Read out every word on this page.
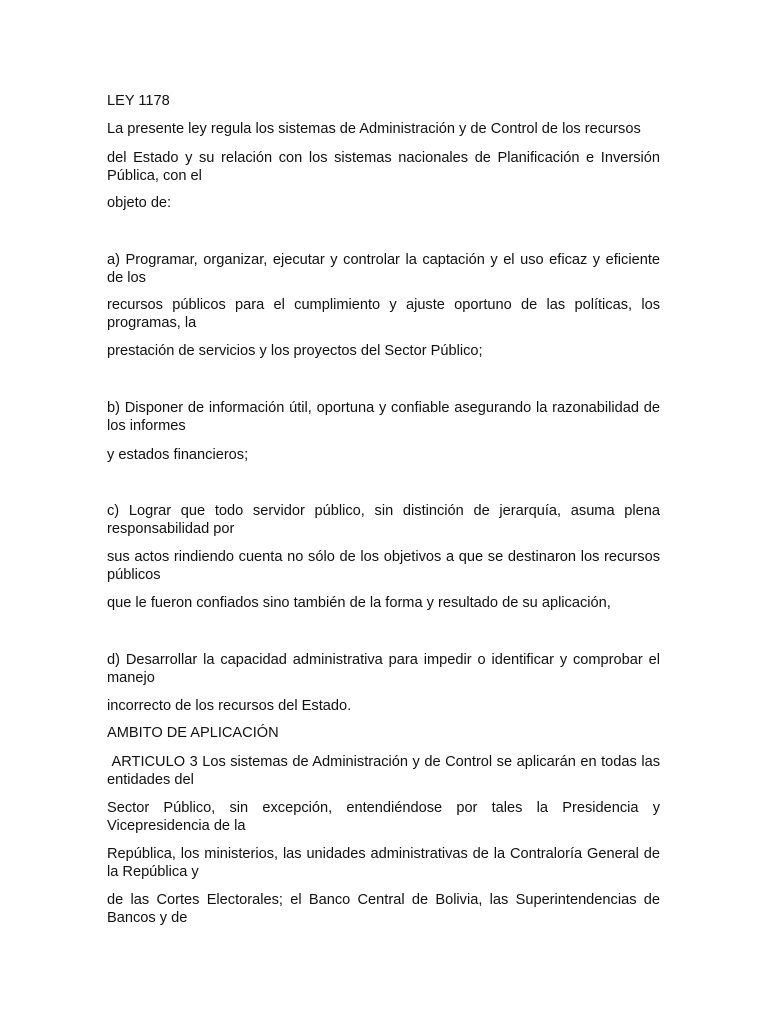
LEY 1178
La presente ley regula los sistemas de Administración y de Control de los recursos
del Estado y su relación con los sistemas nacionales de Planificación e Inversión Pública, con el
objeto de:
a) Programar, organizar, ejecutar y controlar la captación y el uso eficaz y eficiente de los
recursos públicos para el cumplimiento y ajuste oportuno de las políticas, los programas, la
prestación de servicios y los proyectos del Sector Público;
b) Disponer de información útil, oportuna y confiable asegurando la razonabilidad de los informes
y estados financieros;
c) Lograr que todo servidor público, sin distinción de jerarquía, asuma plena responsabilidad por
sus actos rindiendo cuenta no sólo de los objetivos a que se destinaron los recursos públicos
que le fueron confiados sino también de la forma y resultado de su aplicación,
d) Desarrollar la capacidad administrativa para impedir o identificar y comprobar el manejo
incorrecto de los recursos del Estado.
AMBITO DE APLICACIÓN
ARTICULO 3 Los sistemas de Administración y de Control se aplicarán en todas las entidades del
Sector Público, sin excepción, entendiéndose por tales la Presidencia y Vicepresidencia de la
República, los ministerios, las unidades administrativas de la Contraloría General de la República y
de las Cortes Electorales; el Banco Central de Bolivia, las Superintendencias de Bancos y de
